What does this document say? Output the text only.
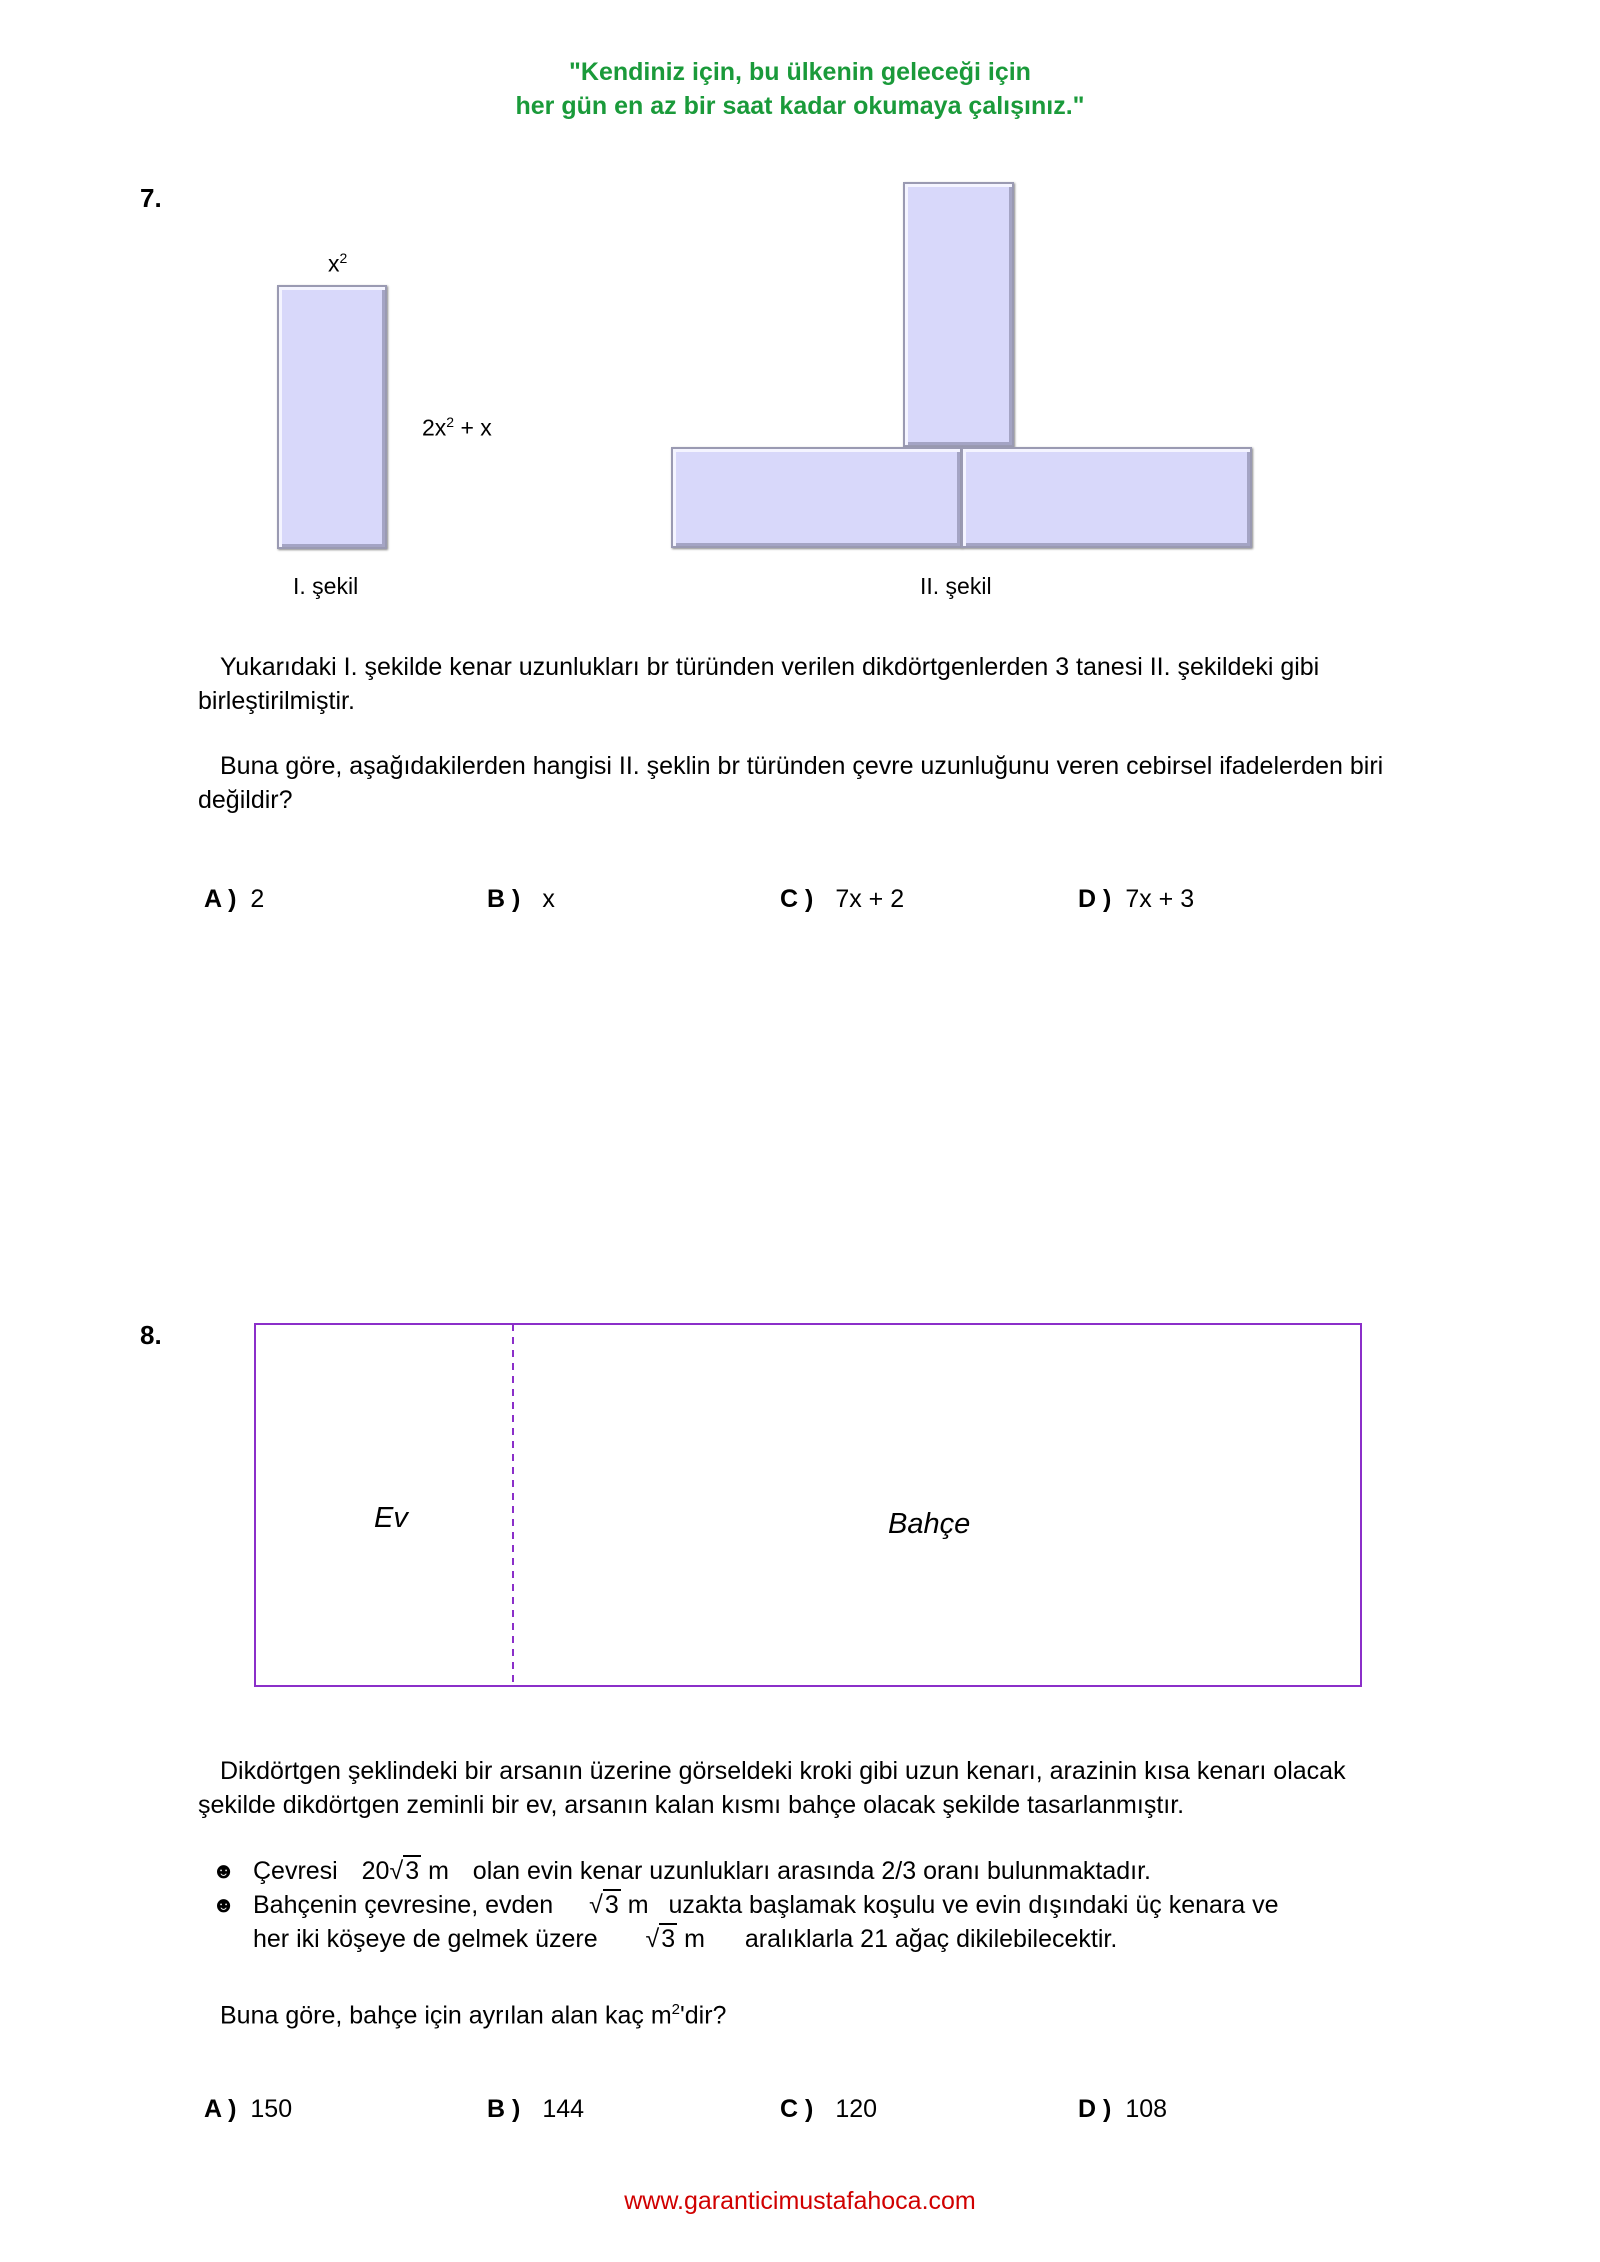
"Kendiniz için, bu ülkenin geleceği için
her gün en az bir saat kadar okumaya çalışınız."
7.
$x^2$
$2x^2 + x$
I. şekil	II. şekil
Yukarıdaki I. şekilde kenar uzunlukları br türünden verilen dikdörtgenlerden 3 tanesi II. şekildeki gibi birleştirilmiştir.
Buna göre, aşağıdakilerden hangisi II. şeklin br türünden çevre uzunluğunu veren cebirsel ifadelerden biri değildir?
A ) 2	B ) x	C ) 7x + 2	D ) 7x + 3
8.
Ev	Bahçe
Dikdörtgen şeklindeki bir arsanın üzerine görseldeki kroki gibi uzun kenarı, arazinin kısa kenarı olacak şekilde dikdörtgen zeminli bir ev, arsanın kalan kısmı bahçe olacak şekilde tasarlanmıştır.
☻ Çevresi 20√3 m olan evin kenar uzunlukları arasında 2/3 oranı bulunmaktadır.
☻ Bahçenin çevresine, evden √3 m uzakta başlamak koşulu ve evin dışındaki üç kenara ve
her iki köşeye de gelmek üzere √3 m aralıklarla 21 ağaç dikilebilecektir.
Buna göre, bahçe için ayrılan alan kaç $m^2'dir$?
A ) 150	B ) 144	C ) 120	D ) 108
www.garanticimustafahoca.com
